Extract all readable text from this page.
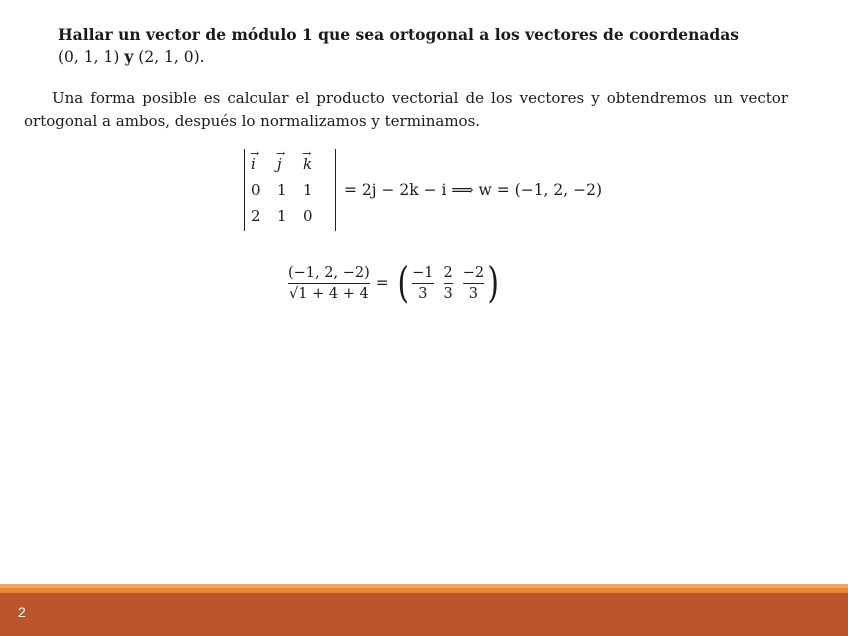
Hallar un vector de módulo 1 que sea ortogonal a los vectores de coordenadas

(0, 1, 1) y (2, 1, 0).

Una forma posible es calcular el producto vectorial de los vectores y obtendremos un vector ortogonal a ambos, después lo normalizamos y terminamos.

→ i	→ j	→ k
0	1	1
2	1	0
= 2j − 2k − i ⟹ w = (−1, 2, −2)
$\frac{(-1, 2, -2)}{√1 + 4 + 4}$ = ( $\frac{-1}{3} \frac{2}{3} \frac{-2}{3}$ )
2
